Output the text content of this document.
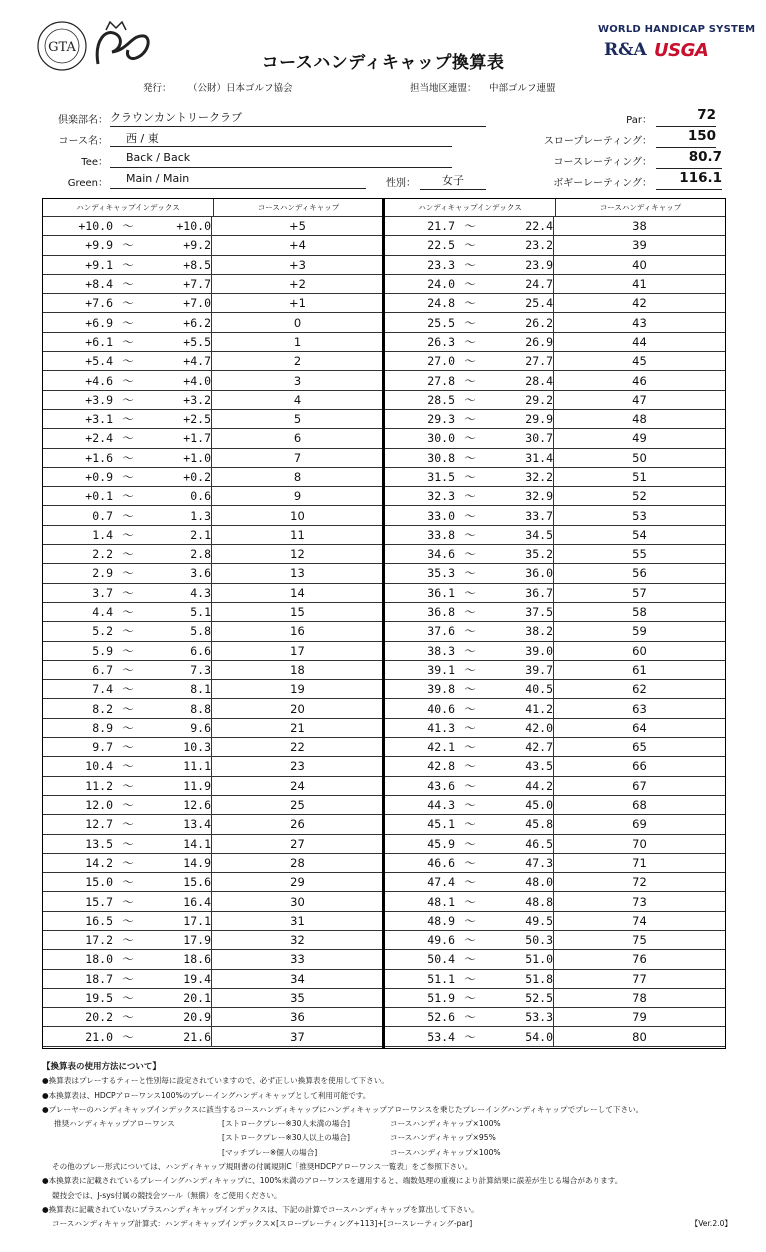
GTA
コースハンディキャップ換算表
WORLD HANDICAP SYSTEM
R&A USGA
発行： （公財）日本ゴルフ協会	担当地区連盟： 中部ゴルフ連盟
倶楽部名： クラウンカントリークラブ
コース名：	西 / 東
Tee：	Back / Back
Green：	Main / Main	性別：	女子
Par：	72
スロープレーティング：	150
コースレーティング：	80.7
ボギーレーティング：	116.1
ハンディキャップインデックス	コースハンディキャップ
+10.0 ～	+10.0	+5
+9.9 ～	+9.2	+4
+9.1 ～	+8.5	+3
+8.4 ～	+7.7	+2
+7.6 ～	+7.0	+1
+6.9 ～	+6.2	0
+6.1 ～	+5.5	1
+5.4 ～	+4.7	2
+4.6 ～	+4.0	3
+3.9 ～	+3.2	4
+3.1 ～	+2.5	5
+2.4 ～	+1.7	6
+1.6 ～	+1.0	7
+0.9 ～	+0.2	8
+0.1 ～	0.6	9
0.7 ～	1.3	10
1.4 ～	2.1	11
2.2 ～	2.8	12
2.9 ～	3.6	13
3.7 ～	4.3	14
4.4 ～	5.1	15
5.2 ～	5.8	16
5.9 ～	6.6	17
6.7 ～	7.3	18
7.4 ～	8.1	19
8.2 ～	8.8	20
8.9 ～	9.6	21
9.7 ～	10.3	22
10.4 ～	11.1	23
11.2 ～	11.9	24
12.0 ～	12.6	25
12.7 ～	13.4	26
13.5 ～	14.1	27
14.2 ～	14.9	28
15.0 ～	15.6	29
15.7 ～	16.4	30
16.5 ～	17.1	31
17.2 ～	17.9	32
18.0 ～	18.6	33
18.7 ～	19.4	34
19.5 ～	20.1	35
20.2 ～	20.9	36
21.0 ～	21.6	37
ハンディキャップインデックス	コースハンディキャップ
21.7 ～	22.4	38
22.5 ～	23.2	39
23.3 ～	23.9	40
24.0 ～	24.7	41
24.8 ～	25.4	42
25.5 ～	26.2	43
26.3 ～	26.9	44
27.0 ～	27.7	45
27.8 ～	28.4	46
28.5 ～	29.2	47
29.3 ～	29.9	48
30.0 ～	30.7	49
30.8 ～	31.4	50
31.5 ～	32.2	51
32.3 ～	32.9	52
33.0 ～	33.7	53
33.8 ～	34.5	54
34.6 ～	35.2	55
35.3 ～	36.0	56
36.1 ～	36.7	57
36.8 ～	37.5	58
37.6 ～	38.2	59
38.3 ～	39.0	60
39.1 ～	39.7	61
39.8 ～	40.5	62
40.6 ～	41.2	63
41.3 ～	42.0	64
42.1 ～	42.7	65
42.8 ～	43.5	66
43.6 ～	44.2	67
44.3 ～	45.0	68
45.1 ～	45.8	69
45.9 ～	46.5	70
46.6 ～	47.3	71
47.4 ～	48.0	72
48.1 ～	48.8	73
48.9 ～	49.5	74
49.6 ～	50.3	75
50.4 ～	51.0	76
51.1 ～	51.8	77
51.9 ～	52.5	78
52.6 ～	53.3	79
53.4 ～	54.0	80
【換算表の使用方法について】
●換算表はプレーするティーと性別毎に設定されていますので、必ず正しい換算表を使用して下さい。
●本換算表は、HDCPアローワンス100%のプレーイングハンディキャップとして利用可能です。
●プレーヤーのハンディキャップインデックスに該当するコースハンディキャップにハンディキャップアローワンスを乗じたプレーイングハンディキャップでプレーして下さい。
推奨ハンディキャップアローワンス	[ストロークプレー※30人未満の場合]	コースハンディキャップ×100%
[ストロークプレー※30人以上の場合]	コースハンディキャップ×95%
[マッチプレー※個人の場合]	コースハンディキャップ×100%
その他のプレー形式については、ハンディキャップ規則書の付属規則C「推奨HDCPアローワンス一覧表」をご参照下さい。
●本換算表に記載されているプレーイングハンディキャップに、100%未満のアローワンスを適用すると、端数処理の重複により計算結果に誤差が生じる場合があります。
競技会では、J-sys付属の競技会ツール（無償）をご使用ください。
●換算表に記載されていないプラスハンディキャップインデックスは、下記の計算でコースハンディキャップを算出して下さい。
コースハンディキャップ計算式：ハンディキャップインデックス×[スロープレーティング÷113]+[コースレーティング-par]	【Ver.2.0】
